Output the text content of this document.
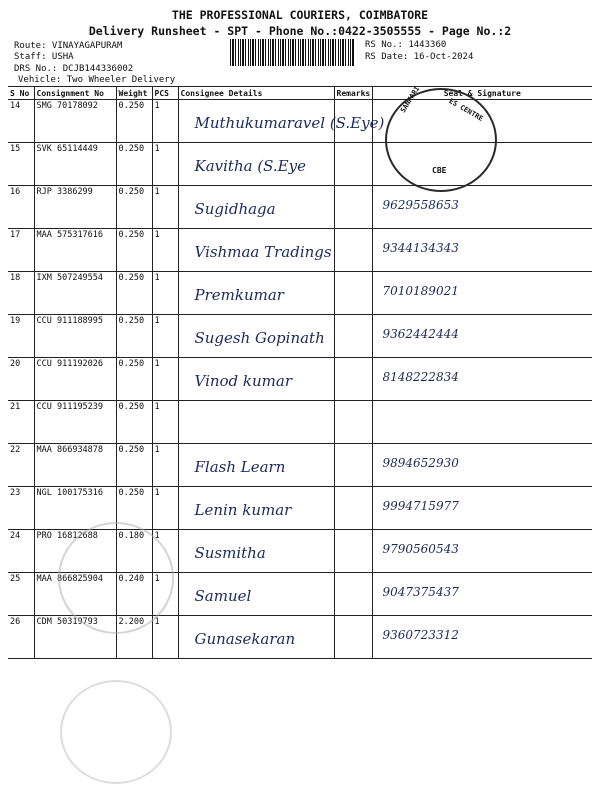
THE PROFESSIONAL COURIERS, COIMBATORE
Delivery Runsheet - SPT - Phone No.:0422-3505555 - Page No.:2
Route: VINAYAGAPURAM
Staff: USHA
DRS No.: DCJB144336002
Vehicle: Two Wheeler Delivery
RS No.: 1443360
RS Date: 16-Oct-2024
S No	Consignment No	Weight	PCS	Consignee Details	Remarks	Seal & Signature
14	SMG 70178092	0.250	1	Muthukumaravel (S.Eye)		

15	SVK 65114449	0.250	1	Kavitha (S.Eye		

16	RJP 3386299	0.250	1	Sugidhaga		9629558653

17	MAA 575317616	0.250	1	Vishmaa Tradings		9344134343

18	IXM 507249554	0.250	1	Premkumar		7010189021

19	CCU 911188995	0.250	1	Sugesh Gopinath		9362442444

20	CCU 911192026	0.250	1	Vinod kumar		8148222834

21	CCU 911195239	0.250	1	

22	MAA 866934878	0.250	1	Flash Learn		9894652930

23	NGL 100175316	0.250	1	Lenin kumar		9994715977

24	PRO 16812688	0.180	1	Susmitha		9790560543

25	MAA 866825904	0.240	1	Samuel		9047375437

26	CDM 50319793	2.200	1	Gunasekaran		9360723312
SANKARI	ES CENTRE
CBE
